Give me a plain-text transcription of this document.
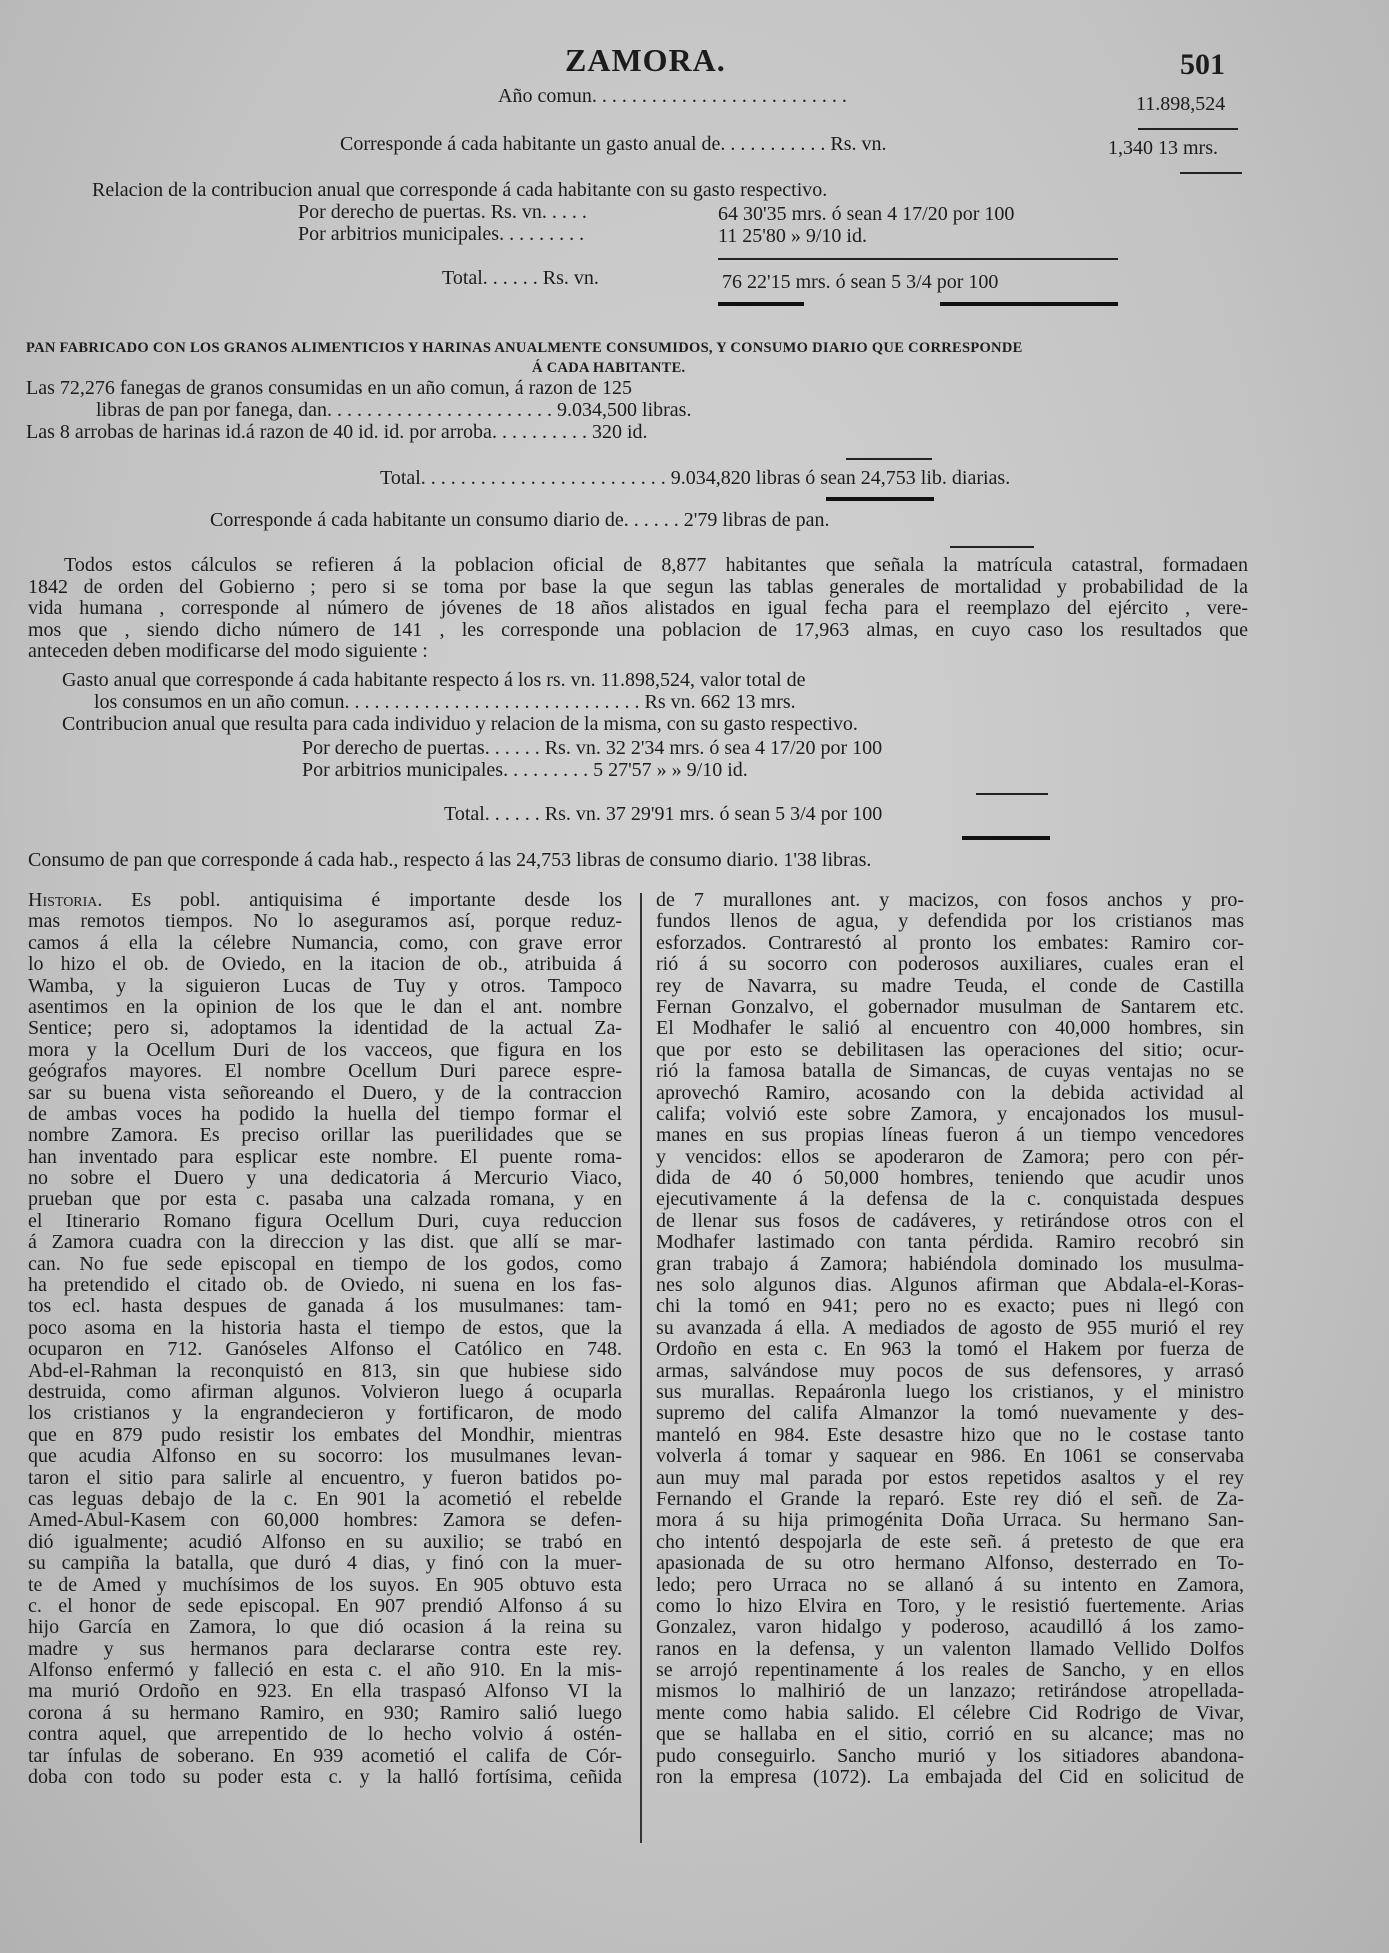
ZAMORA.	501
Año comun. . . . . . . . . . . . . . . . . . . . . . . . . .	11.898,524
Corresponde á cada habitante un gasto anual de. . . . . . . . . . . Rs. vn.	1,340 13 mrs.
Relacion de la contribucion anual que corresponde á cada habitante con su gasto respectivo.
Por derecho de puertas. Rs. vn. . . . .	64 30'35 mrs. ó sean 4 17/20 por 100
Por arbitrios municipales. . . . . . . . .	11 25'80 » 9/10 id.
Total. . . . . . Rs. vn.	76 22'15 mrs. ó sean 5 3/4 por 100
PAN FABRICADO CON LOS GRANOS ALIMENTICIOS Y HARINAS ANUALMENTE CONSUMIDOS, Y CONSUMO DIARIO QUE CORRESPONDE
Á CADA HABITANTE.
Las 72,276 fanegas de granos consumidas en un año comun, á razon de 125
libras de pan por fanega, dan. . . . . . . . . . . . . . . . . . . . . . . 9.034,500 libras.
Las 8 arrobas de harinas id.á razon de 40 id. id. por arroba. . . . . . . . . . 320 id.
Total. . . . . . . . . . . . . . . . . . . . . . . . . 9.034,820 libras ó sean 24,753 lib. diarias.
Corresponde á cada habitante un consumo diario de. . . . . . 2'79 libras de pan.
Todos estos cálculos se refieren á la poblacion oficial de 8,877 habitantes que señala la matrícula catastral, formadaen
1842 de orden del Gobierno ; pero si se toma por base la que segun las tablas generales de mortalidad y probabilidad de la
vida humana , corresponde al número de jóvenes de 18 años alistados en igual fecha para el reemplazo del ejército , vere-
mos que , siendo dicho número de 141 , les corresponde una poblacion de 17,963 almas, en cuyo caso los resultados que
anteceden deben modificarse del modo siguiente :
Gasto anual que corresponde á cada habitante respecto á los rs. vn. 11.898,524, valor total de
los consumos en un año comun. . . . . . . . . . . . . . . . . . . . . . . . . . . . . . Rs vn. 662 13 mrs.
Contribucion anual que resulta para cada individuo y relacion de la misma, con su gasto respectivo.
Por derecho de puertas. . . . . . Rs. vn. 32 2'34 mrs. ó sea 4 17/20 por 100
Por arbitrios municipales. . . . . . . . . 5 27'57 » » 9/10 id.
Total. . . . . . Rs. vn. 37 29'91 mrs. ó sean 5 3/4 por 100
Consumo de pan que corresponde á cada hab., respecto á las 24,753 libras de consumo diario. 1'38 libras.
Historia. Es pobl. antiquisima é importante desde los
mas remotos tiempos. No lo aseguramos así, porque reduz-
camos á ella la célebre Numancia, como, con grave error
lo hizo el ob. de Oviedo, en la itacion de ob., atribuida á
Wamba, y la siguieron Lucas de Tuy y otros. Tampoco
asentimos en la opinion de los que le dan el ant. nombre
Sentice; pero si, adoptamos la identidad de la actual Za-
mora y la Ocellum Duri de los vacceos, que figura en los
geógrafos mayores. El nombre Ocellum Duri parece espre-
sar su buena vista señoreando el Duero, y de la contraccion
de ambas voces ha podido la huella del tiempo formar el
nombre Zamora. Es preciso orillar las puerilidades que se
han inventado para esplicar este nombre. El puente roma-
no sobre el Duero y una dedicatoria á Mercurio Viaco,
prueban que por esta c. pasaba una calzada romana, y en
el Itinerario Romano figura Ocellum Duri, cuya reduccion
á Zamora cuadra con la direccion y las dist. que allí se mar-
can. No fue sede episcopal en tiempo de los godos, como
ha pretendido el citado ob. de Oviedo, ni suena en los fas-
tos ecl. hasta despues de ganada á los musulmanes: tam-
poco asoma en la historia hasta el tiempo de estos, que la
ocuparon en 712. Ganóseles Alfonso el Católico en 748.
Abd-el-Rahman la reconquistó en 813, sin que hubiese sido
destruida, como afirman algunos. Volvieron luego á ocuparla
los cristianos y la engrandecieron y fortificaron, de modo
que en 879 pudo resistir los embates del Mondhir, mientras
que acudia Alfonso en su socorro: los musulmanes levan-
taron el sitio para salirle al encuentro, y fueron batidos po-
cas leguas debajo de la c. En 901 la acometió el rebelde
Amed-Abul-Kasem con 60,000 hombres: Zamora se defen-
dió igualmente; acudió Alfonso en su auxilio; se trabó en
su campiña la batalla, que duró 4 dias, y finó con la muer-
te de Amed y muchísimos de los suyos. En 905 obtuvo esta
c. el honor de sede episcopal. En 907 prendió Alfonso á su
hijo García en Zamora, lo que dió ocasion á la reina su
madre y sus hermanos para declararse contra este rey.
Alfonso enfermó y falleció en esta c. el año 910. En la mis-
ma murió Ordoño en 923. En ella traspasó Alfonso VI la
corona á su hermano Ramiro, en 930; Ramiro salió luego
contra aquel, que arrepentido de lo hecho volvio á ostén-
tar ínfulas de soberano. En 939 acometió el califa de Cór-
doba con todo su poder esta c. y la halló fortísima, ceñida
de 7 murallones ant. y macizos, con fosos anchos y pro-
fundos llenos de agua, y defendida por los cristianos mas
esforzados. Contrarestó al pronto los embates: Ramiro cor-
rió á su socorro con poderosos auxiliares, cuales eran el
rey de Navarra, su madre Teuda, el conde de Castilla
Fernan Gonzalvo, el gobernador musulman de Santarem etc.
El Modhafer le salió al encuentro con 40,000 hombres, sin
que por esto se debilitasen las operaciones del sitio; ocur-
rió la famosa batalla de Simancas, de cuyas ventajas no se
aprovechó Ramiro, acosando con la debida actividad al
califa; volvió este sobre Zamora, y encajonados los musul-
manes en sus propias líneas fueron á un tiempo vencedores
y vencidos: ellos se apoderaron de Zamora; pero con pér-
dida de 40 ó 50,000 hombres, teniendo que acudir unos
ejecutivamente á la defensa de la c. conquistada despues
de llenar sus fosos de cadáveres, y retirándose otros con el
Modhafer lastimado con tanta pérdida. Ramiro recobró sin
gran trabajo á Zamora; habiéndola dominado los musulma-
nes solo algunos dias. Algunos afirman que Abdala-el-Koras-
chi la tomó en 941; pero no es exacto; pues ni llegó con
su avanzada á ella. A mediados de agosto de 955 murió el rey
Ordoño en esta c. En 963 la tomó el Hakem por fuerza de
armas, salvándose muy pocos de sus defensores, y arrasó
sus murallas. Repaáronla luego los cristianos, y el ministro
supremo del califa Almanzor la tomó nuevamente y des-
manteló en 984. Este desastre hizo que no le costase tanto
volverla á tomar y saquear en 986. En 1061 se conservaba
aun muy mal parada por estos repetidos asaltos y el rey
Fernando el Grande la reparó. Este rey dió el señ. de Za-
mora á su hija primogénita Doña Urraca. Su hermano San-
cho intentó despojarla de este señ. á pretesto de que era
apasionada de su otro hermano Alfonso, desterrado en To-
ledo; pero Urraca no se allanó á su intento en Zamora,
como lo hizo Elvira en Toro, y le resistió fuertemente. Arias
Gonzalez, varon hidalgo y poderoso, acaudilló á los zamo-
ranos en la defensa, y un valenton llamado Vellido Dolfos
se arrojó repentinamente á los reales de Sancho, y en ellos
mismos lo malhirió de un lanzazo; retirándose atropellada-
mente como habia salido. El célebre Cid Rodrigo de Vivar,
que se hallaba en el sitio, corrió en su alcance; mas no
pudo conseguirlo. Sancho murió y los sitiadores abandona-
ron la empresa (1072). La embajada del Cid en solicitud de
